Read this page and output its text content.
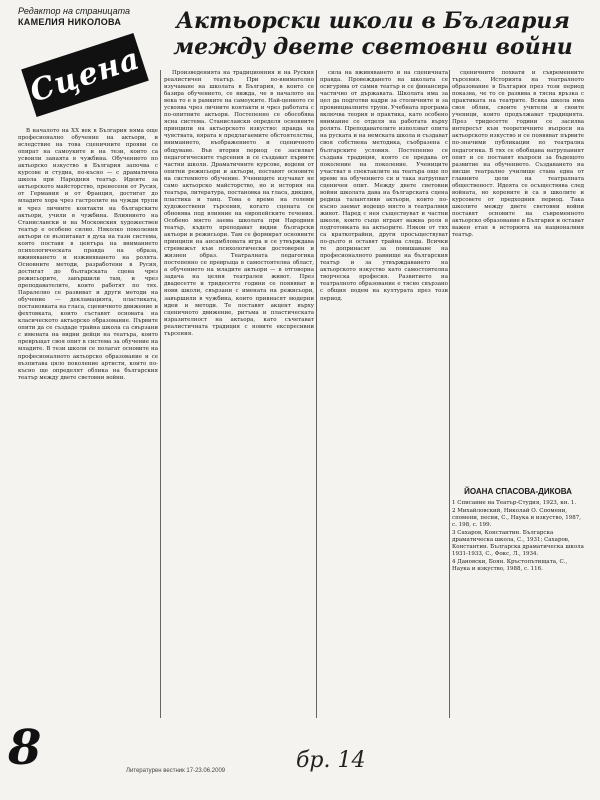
Редактор на страницата
КАМЕЛИЯ НИКОЛОВА
Сцена
Актьорски школи в България между двете световни войни

В началото на XX век в България няма още професионално обучение на актьори, и вследствие на това сценичните прояви се опират на самоуките и на тези, които са усвоили занаята в чужбина. Обучението по актьорско изкуство в България започва с курсове и студиа, по-късно — с драматична школа при Народния театър. Идеите за актьорското майсторство, пренесени от Русия, от Германия и от Франция, достигат до младите хора чрез гастролите на чужди трупи и чрез личните контакти на българските актьори, учили в чужбина. Влиянието на Станиславски и на Московския художествен театър е особено силно. Няколко поколения актьори се възпитават в духа на тази система, която поставя в центъра на вниманието психологическата правда на образа, вживяването и изживяването на ролята. Основните методи, разработени в Русия, достигат до българската сцена чрез режисьорите, завършили там, и чрез преподавателите, които работят по тях. Паралелно се развиват и други методи на обучение — декламацията, пластиката, постановката на гласа, сценичното движение и фехтовката, които съставят основата на класическото актьорско образование. Първите опити да се създаде трайна школа са свързани с имената на видни дейци на театъра, които превръщат своя опит в система за обучение на младите. В тези школи се полагат основите на професионалното актьорско образование и се възпитава цяло поколение артисти, които по-късно ще определят облика на българския театър между двете световни войни.

Произведенията на традиционния и на Руския реалистичен театър. При по-внимателно изучаване на школата в България, в които се базира обучението, се вижда, че в началото на века то е в рамките на самоуките. Най-ценното се усвоява чрез личните контакти и чрез работата с по-опитните актьори. Постепенно се обособява ясна система. Станиславски определя основните принципи на актьорското изкуство: правда на чувствата, вярата в предлагаемите обстоятелства, вниманието, въображението и сценичното общуване. Във втория период се засилват педагогическите търсения и се създават първите частни школи. Драматичните курсове, водени от опитни режисьори и актьори, поставят основите на системното обучение. Учениците изучават не само актьорско майсторство, но и история на театъра, литература, постановка на гласа, дикция, пластика и танц. Това е време на големи художествени търсения, когато сцената се обновява под влияние на европейските течения. Особено място заема школата при Народния театър, където преподават видни български актьори и режисьори. Там се формират основните принципи на ансамбловата игра и се утвърждава стремежът към психологически достоверен и жизнен образ. Театралната педагогика постепенно се превръща в самостоятелна област, а обучението на младите актьори — в отговорна задача на целия театрален живот. През двадесетте и тридесетте години се появяват и нови школи, свързани с имената на режисьори, завършили в чужбина, които привнасят модерни идеи и методи. Те поставят акцент върху сценичното движение, ритъма и пластическата изразителност на актьора, като съчетават реалистичната традиция с новите експресивни търсения.

сила на вживяването и на сценичната правда. Провеждането на школата се осигурява от самия театър и се финансира частично от държавата. Школата има за цел да подготви кадри за столичните и за провинциалните трупи. Учебната програма включва теория и практика, като особено внимание се отделя на работата върху ролята. Преподавателите използват опита на руската и на немската школа и създават своя собствена методика, съобразена с българските условия. Постепенно се създава традиция, която се предава от поколение на поколение. Учениците участват в спектаклите на театъра още по време на обучението си и така натрупват сценичен опит. Между двете световни войни школата дава на българската сцена редица талантливи актьори, които по-късно заемат водещо място в театралния живот. Наред с нея съществуват и частни школи, които също играят важна роля в подготовката на актьорите. Някои от тях са краткотрайни, други просъществуват по-дълго и оставят трайна следа. Всички те допринасят за повишаване на професионалното равнище на българския театър и за утвърждаването на актьорското изкуство като самостоятелна творческа професия. Развитието на театралното образование е тясно свързано с общия подем на културата през този период.

сценичните похвати и съвременните търсения. Историята на театралното образование в България през този период показва, че то се развива в тясна връзка с практиката на театрите. Всяка школа има своя облик, своите учители и своите ученици, които продължават традицията. През тридесетте години се засилва интересът към теоретичните въпроси на актьорското изкуство и се появяват първите по-значими публикации по театрална педагогика. В тях се обобщава натрупаният опит и се поставят въпроси за бъдещото развитие на обучението. Създаването на висше театрално училище става една от главните цели на театралната общественост. Идеята се осъществява след войната, но корените ѝ са в школите и курсовете от предходния период. Така школите между двете световни войни поставят основите на съвременното актьорско образование в България и остават важен етап в историята на националния театър.

ЙОАНА СПАСОВА-ДИКОВА
1 Списание на Театър-Студия, 1923, кн. 1.
2 Михайловский, Николай О. Спомени, спомени, песни, С., Наука и изкуство, 1987, с. 198, с. 199.
3 Сахаров, Константин. Българска драматическа школа, С., 1931; Сахаров, Константин. Българска драматическа школа 1931-1933, С., Фокс, Л., 1934.
4 Дановски, Боян. Кръстопътищата, С., Наука и изкуство, 1988, с. 116.
8	Литературен вестник 17-23.06.2009	бр. 14
